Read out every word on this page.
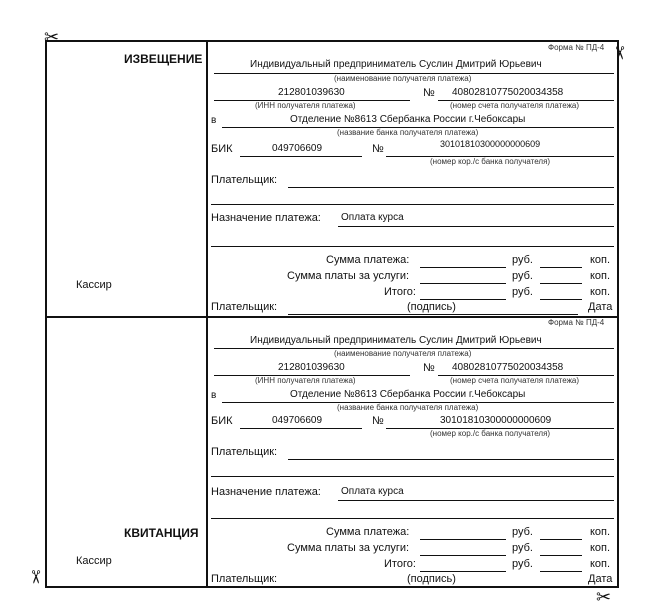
✂
✂
✂
✂
ИЗВЕЩЕНИЕ
Кассир
Форма № ПД-4
Индивидуальный предприниматель Суслин Дмитрий Юрьевич
(наименование получателя платежа)
212801039630	№ 40802810775020034358
(ИНН получателя платежа)	(номер счета получателя платежа)
в	Отделение №8613 Сбербанка России г.Чебоксары
(название банка получателя платежа)
БИК	049706609	№	30101810300000000609
(номер кор./с банка получателя)
Плательщик:
Назначение платежа: Оплата курса
Сумма платежа:	руб.	коп.
Сумма платы за услуги:	руб.	коп.
Итого:	руб.	коп.
Плательщик:	(подпись)	Дата
КВИТАНЦИЯ
Кассир
Форма № ПД-4
Индивидуальный предприниматель Суслин Дмитрий Юрьевич
(наименование получателя платежа)
212801039630	№ 40802810775020034358
(ИНН получателя платежа)	(номер счета получателя платежа)
в	Отделение №8613 Сбербанка России г.Чебоксары
(название банка получателя платежа)
БИК	049706609	№	30101810300000000609
(номер кор./с банка получателя)
Плательщик:
Назначение платежа: Оплата курса
Сумма платежа:	руб.	коп.
Сумма платы за услуги:	руб.	коп.
Итого:	руб.	коп.
Плательщик:	(подпись)	Дата
